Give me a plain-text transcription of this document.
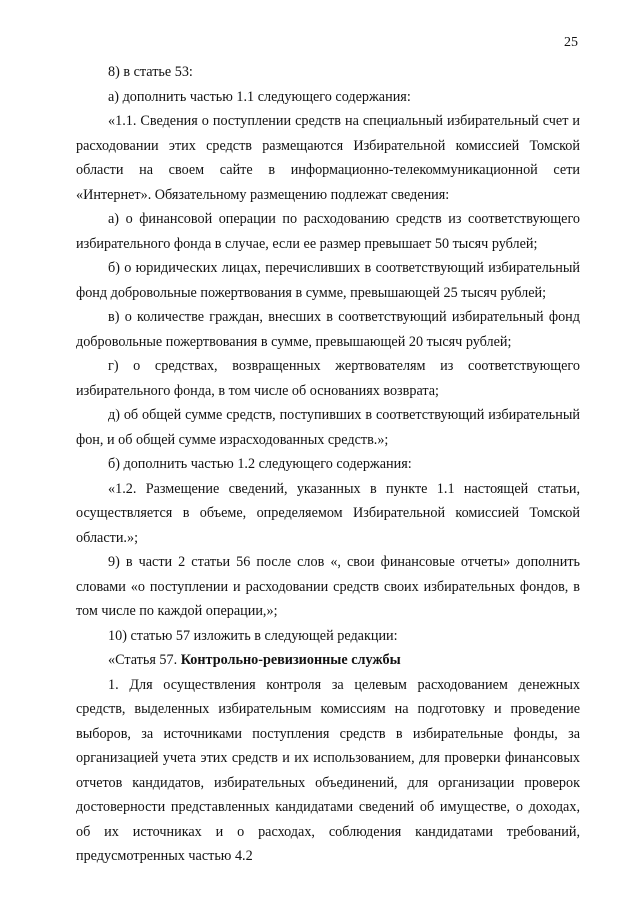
25

8) в статье 53:

а) дополнить частью 1.1 следующего содержания:

«1.1. Сведения о поступлении средств на специальный избирательный счет и расходовании этих средств размещаются Избирательной комиссией Томской области на своем сайте в информационно-телекоммуникационной сети «Интернет». Обязательному размещению подлежат сведения:

а) о финансовой операции по расходованию средств из соответствующего избирательного фонда в случае, если ее размер превышает 50 тысяч рублей;

б) о юридических лицах, перечисливших в соответствующий избирательный фонд добровольные пожертвования в сумме, превышающей 25 тысяч рублей;

в) о количестве граждан, внесших в соответствующий избирательный фонд добровольные пожертвования в сумме, превышающей 20 тысяч рублей;

г) о средствах, возвращенных жертвователям из соответствующего избирательного фонда, в том числе об основаниях возврата;

д) об общей сумме средств, поступивших в соответствующий избирательный фон, и об общей сумме израсходованных средств.»;

б) дополнить частью 1.2 следующего содержания:

«1.2. Размещение сведений, указанных в пункте 1.1 настоящей статьи, осуществляется в объеме, определяемом Избирательной комиссией Томской области.»;

9) в части 2 статьи 56 после слов «, свои финансовые отчеты» дополнить словами «о поступлении и расходовании средств своих избирательных фондов, в том числе по каждой операции,»;

10) статью 57 изложить в следующей редакции:

«Статья 57. Контрольно-ревизионные службы

1. Для осуществления контроля за целевым расходованием денежных средств, выделенных избирательным комиссиям на подготовку и проведение выборов, за источниками поступления средств в избирательные фонды, за организацией учета этих средств и их использованием, для проверки финансовых отчетов кандидатов, избирательных объединений, для организации проверок достоверности представленных кандидатами сведений об имуществе, о доходах, об их источниках и о расходах, соблюдения кандидатами требований, предусмотренных частью 4.2
